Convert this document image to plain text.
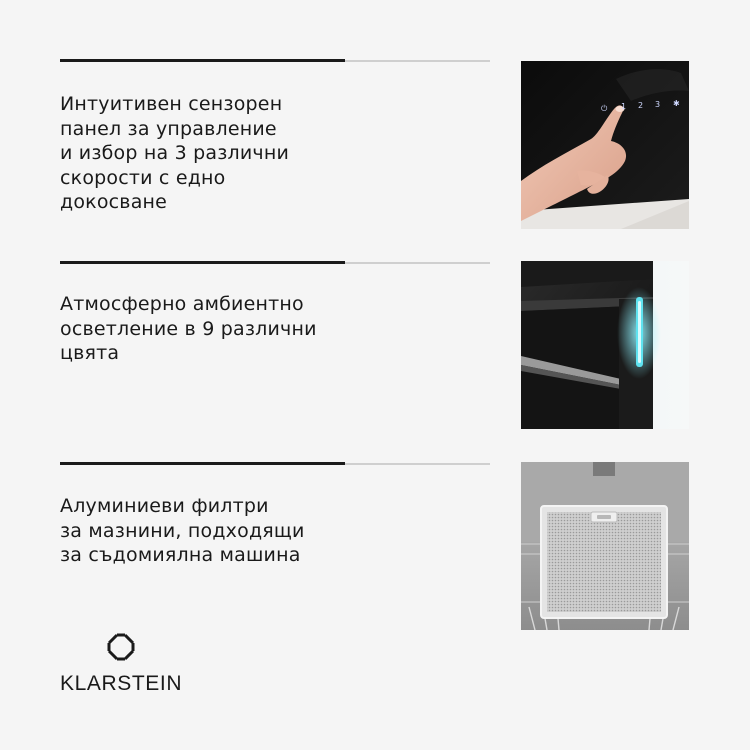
Интуитивен сензорен
панел за управление
и избор на 3 различни
скорости с едно
докосване

⏻ 1 2 3 ✱

Атмосферно амбиентно
осветление в 9 различни
цвята

Алуминиеви филтри
за мазнини, подходящи
за съдомиялна машина

KLARSTEIN
